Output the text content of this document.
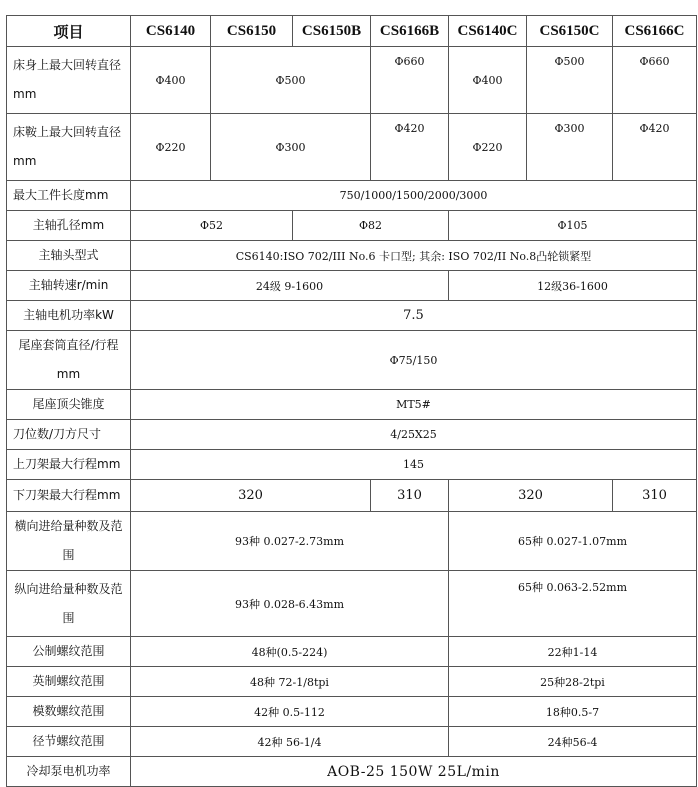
项目	CS6140	CS6150	CS6150B	CS6166B	CS6140C	CS6150C	CS6166C
床身上最大回转直径mm	Φ400	Φ500		Φ660	Φ400	Φ500	Φ660
床鞍上最大回转直径mm	Φ220	Φ300		Φ420	Φ220	Φ300	Φ420
最大工件长度mm	750/1000/1500/2000/3000						
主轴孔径mm	Φ52		Φ82		Φ105		
主轴头型式	CS6140:ISO 702/III No.6 卡口型; 其余: ISO 702/II No.8凸轮锁紧型						
主轴转速r/min	24级 9-1600				12级36-1600		
主轴电机功率kW	7.5						
尾座套筒直径/行程mm	Φ75/150						
尾座顶尖锥度	MT5#						
刀位数/刀方尺寸	4/25X25						
上刀架最大行程mm	145						
下刀架最大行程mm	320			310	320		310
横向进给量种数及范围	93种 0.027-2.73mm				65种 0.027-1.07mm		
纵向进给量种数及范围	93种 0.028-6.43mm				65种 0.063-2.52mm		
公制螺纹范围	48种(0.5-224)				22种1-14		
英制螺纹范围	48种 72-1/8tpi				25种28-2tpi		
模数螺纹范围	42种 0.5-112				18种0.5-7		
径节螺纹范围	42种 56-1/4				24种56-4		
冷却泵电机功率	AOB-25 150W 25L/min						
